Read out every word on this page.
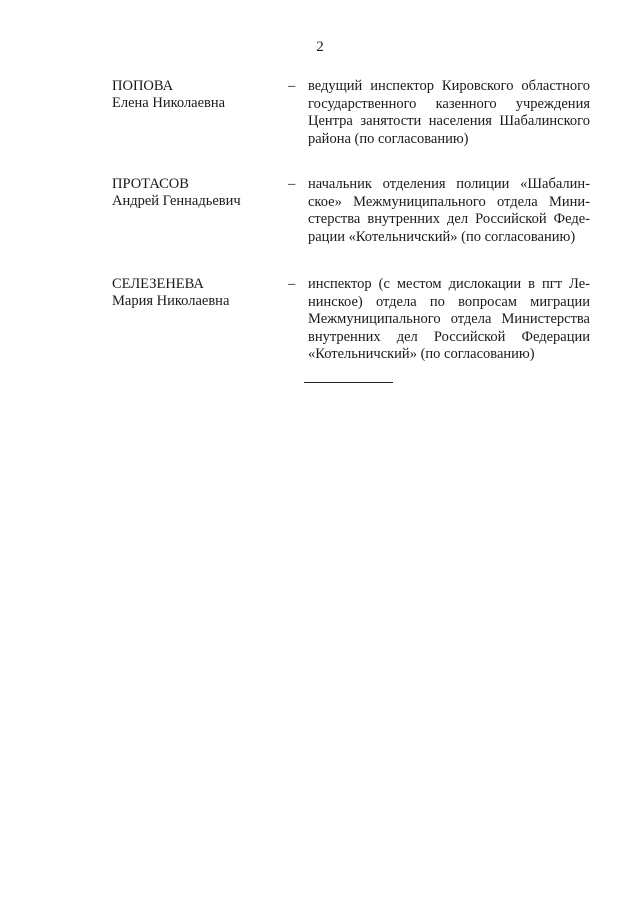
2
ПОПОВА
Елена Николаевна
– ведущий инспектор Кировского областного
государственного казенного учреждения
Центра занятости населения Шабалинского
района (по согласованию)
ПРОТАСОВ
Андрей Геннадьевич
– начальник отделения полиции «Шабалин-
ское» Межмуниципального отдела Мини-
стерства внутренних дел Российской Феде-
рации «Котельничский» (по согласованию)
СЕЛЕЗЕНЕВА
Мария Николаевна
– инспектор (с местом дислокации в пгт Ле-
нинское) отдела по вопросам миграции
Межмуниципального отдела Министерства
внутренних дел Российской Федерации
«Котельничский» (по согласованию)
